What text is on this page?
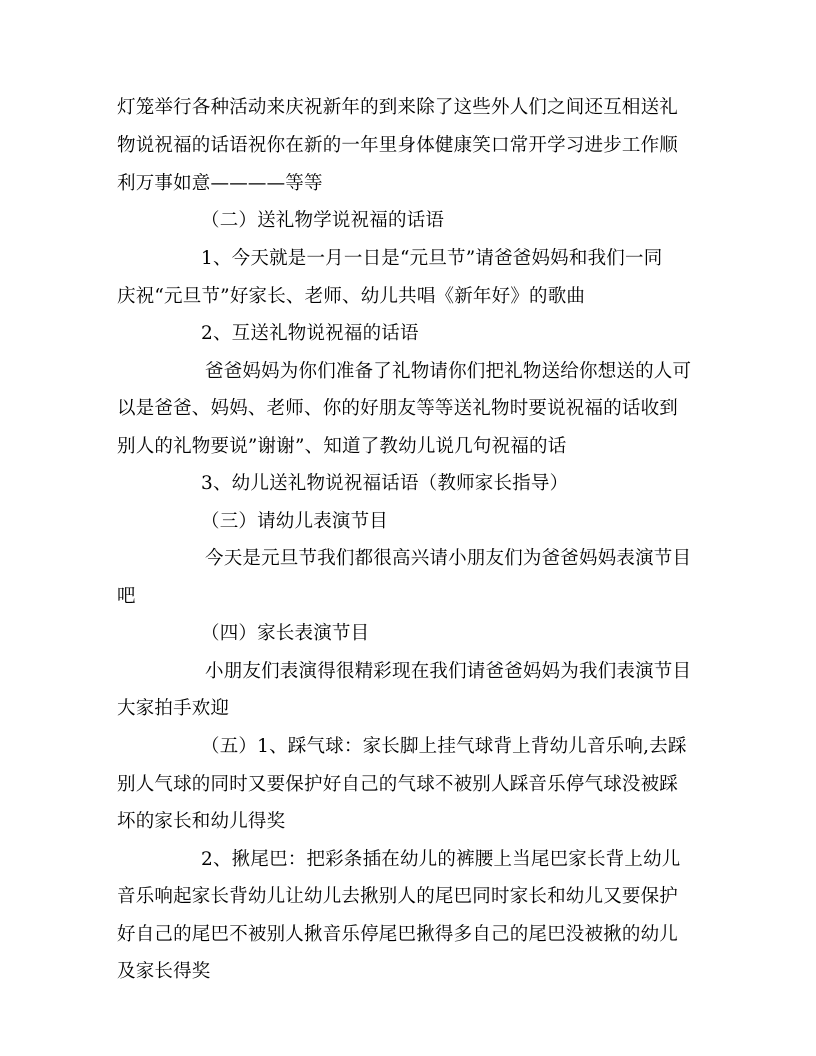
灯笼举行各种活动来庆祝新年的到来除了这些外人们之间还互相送礼

物说祝福的话语祝你在新的一年里身体健康笑口常开学习进步工作顺

利万事如意————等等

（二）送礼物学说祝福的话语

1、今天就是一月一日是“元旦节”请爸爸妈妈和我们一同

庆祝“元旦节”好家长、老师、幼儿共唱《新年好》的歌曲

2、互送礼物说祝福的话语

爸爸妈妈为你们准备了礼物请你们把礼物送给你想送的人可

以是爸爸、妈妈、老师、你的好朋友等等送礼物时要说祝福的话收到

别人的礼物要说”谢谢”、知道了教幼儿说几句祝福的话

3、幼儿送礼物说祝福话语（教师家长指导）

（三）请幼儿表演节目

今天是元旦节我们都很高兴请小朋友们为爸爸妈妈表演节目

吧

（四）家长表演节目

小朋友们表演得很精彩现在我们请爸爸妈妈为我们表演节目

大家拍手欢迎

（五）1、踩气球：家长脚上挂气球背上背幼儿音乐响,去踩

别人气球的同时又要保护好自己的气球不被别人踩音乐停气球没被踩

坏的家长和幼儿得奖

2、揪尾巴：把彩条插在幼儿的裤腰上当尾巴家长背上幼儿

音乐响起家长背幼儿让幼儿去揪别人的尾巴同时家长和幼儿又要保护

好自己的尾巴不被别人揪音乐停尾巴揪得多自己的尾巴没被揪的幼儿

及家长得奖
